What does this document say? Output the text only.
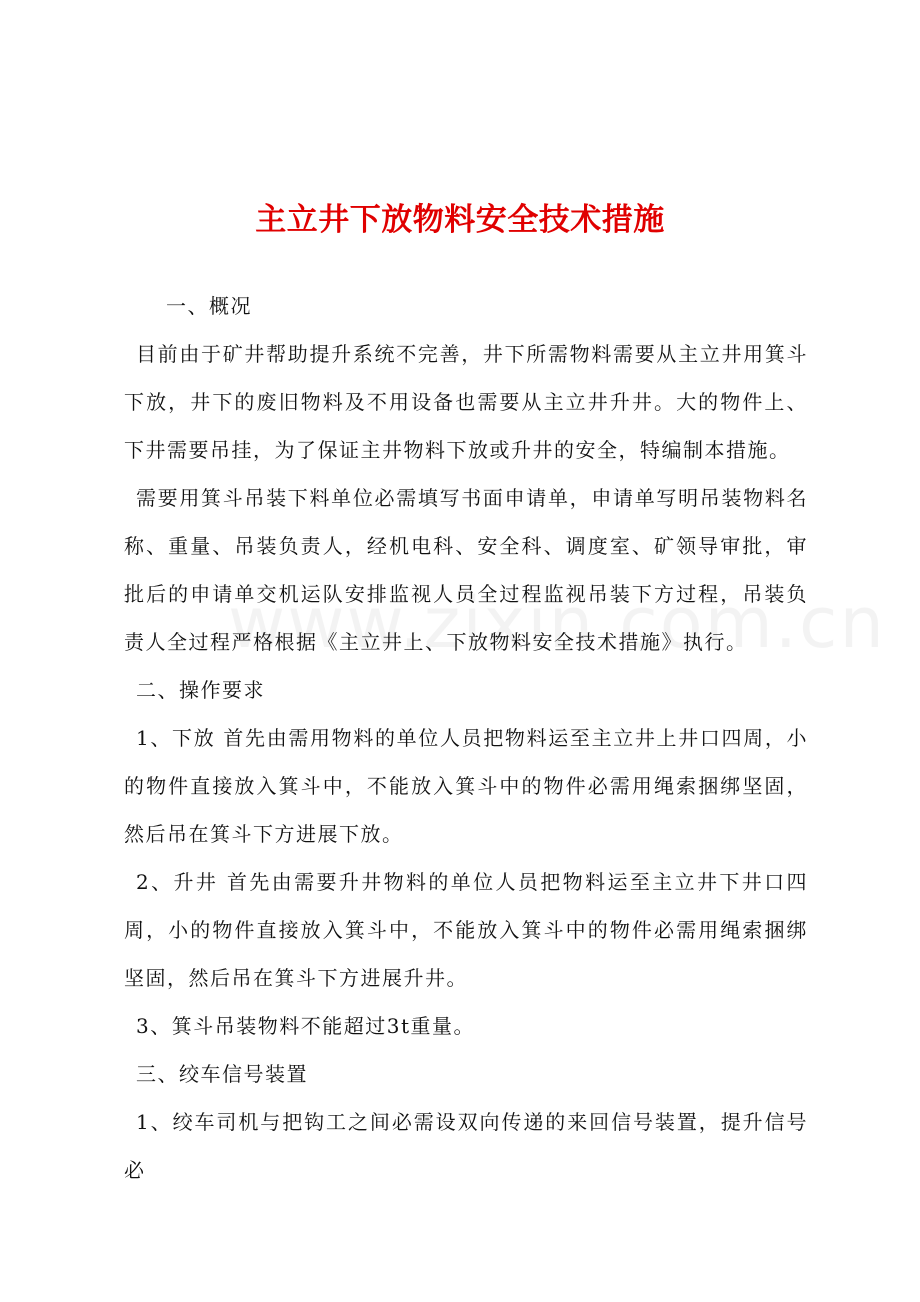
主立井下放物料安全技术措施

一、概况

目前由于矿井帮助提升系统不完善，井下所需物料需要从主立井用箕斗下放，井下的废旧物料及不用设备也需要从主立井升井。大的物件上、下井需要吊挂，为了保证主井物料下放或升井的安全，特编制本措施。

需要用箕斗吊装下料单位必需填写书面申请单，申请单写明吊装物料名称、重量、吊装负责人，经机电科、安全科、调度室、矿领导审批，审批后的申请单交机运队安排监视人员全过程监视吊装下方过程，吊装负责人全过程严格根据《主立井上、下放物料安全技术措施》执行。

二、操作要求

1、下放 首先由需用物料的单位人员把物料运至主立井上井口四周，小的物件直接放入箕斗中，不能放入箕斗中的物件必需用绳索捆绑坚固，然后吊在箕斗下方进展下放。

2、升井 首先由需要升井物料的单位人员把物料运至主立井下井口四周，小的物件直接放入箕斗中，不能放入箕斗中的物件必需用绳索捆绑坚固，然后吊在箕斗下方进展升井。

3、箕斗吊装物料不能超过3t重量。

三、绞车信号装置

1、绞车司机与把钩工之间必需设双向传递的来回信号装置，提升信号必
